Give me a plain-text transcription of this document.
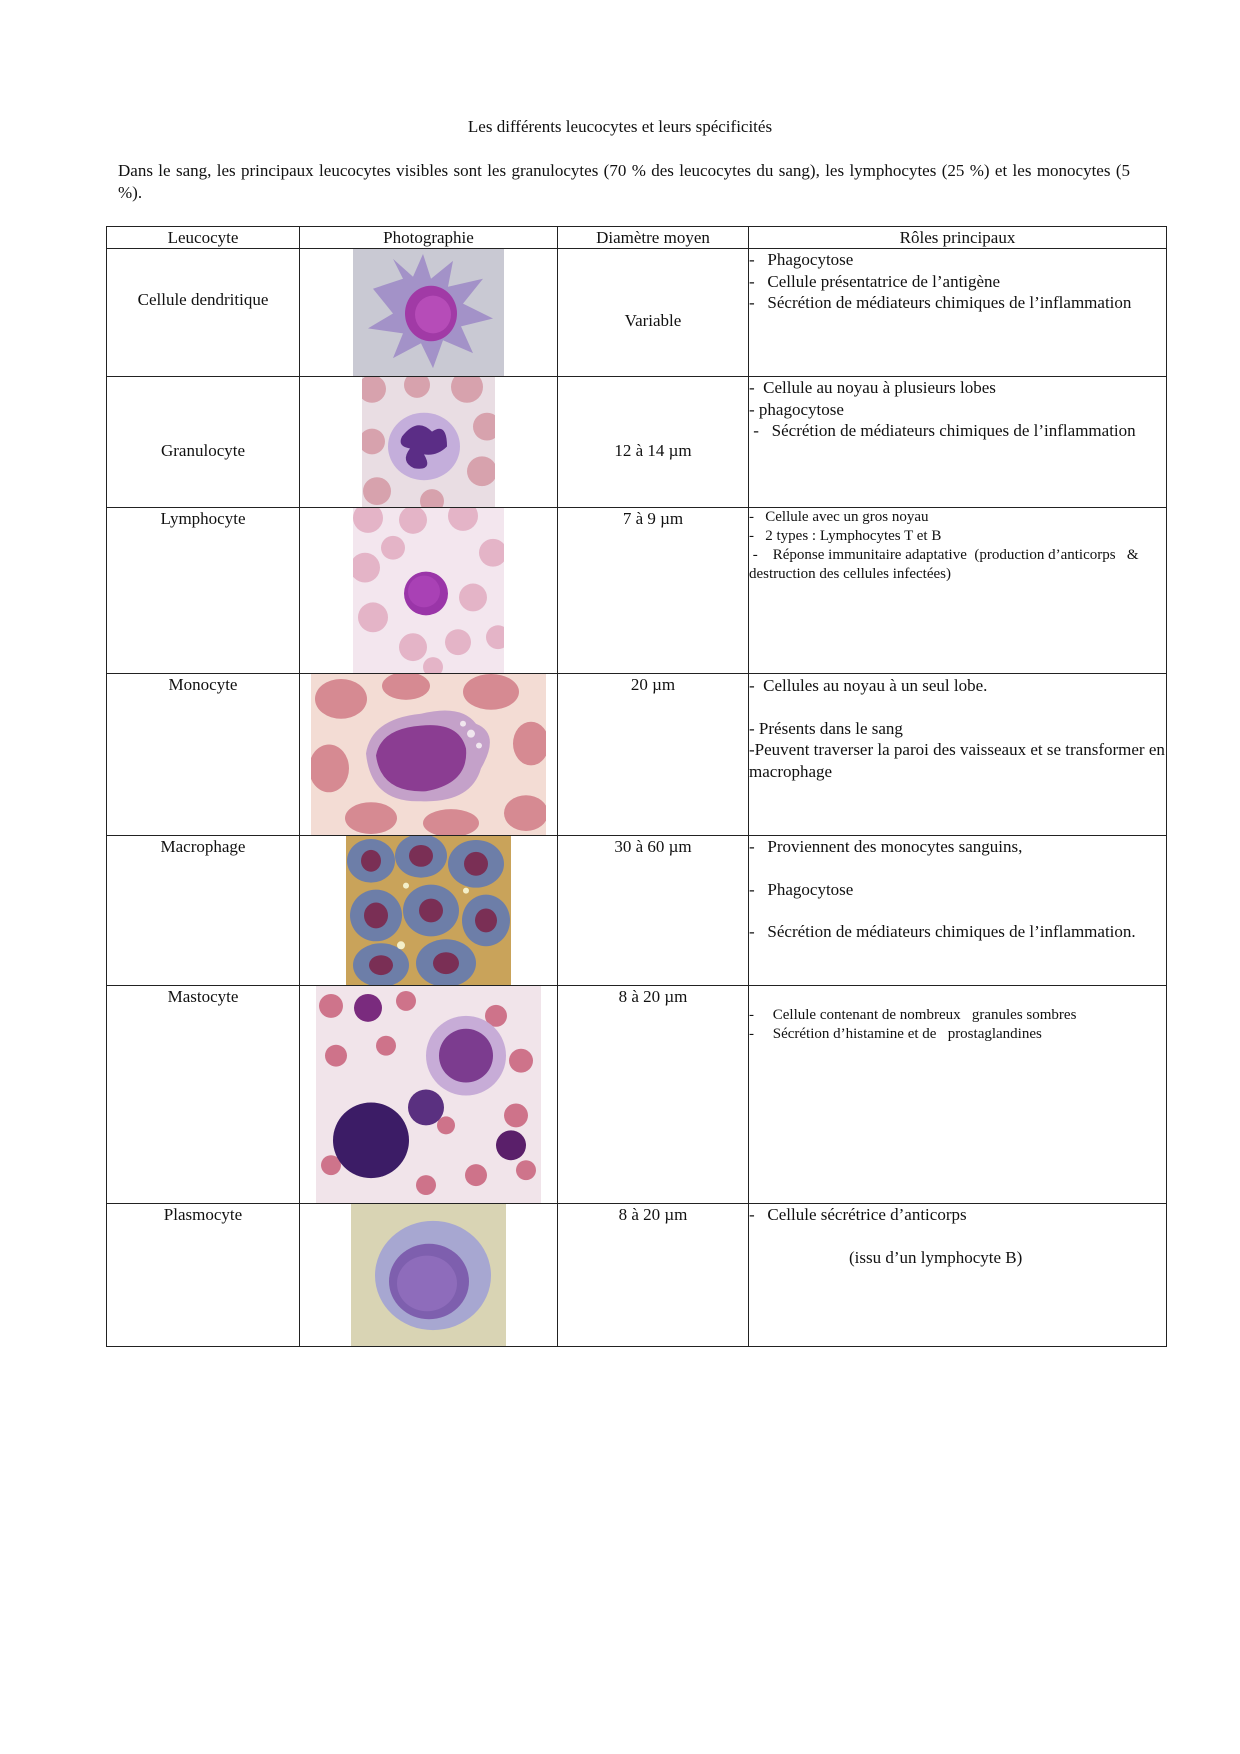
Les différents leucocytes et leurs spécificités
Dans le sang, les principaux leucocytes visibles sont les granulocytes (70 % des leucocytes du sang), les lymphocytes (25 %) et les monocytes (5 %).
Leucocyte	Photographie	Diamètre moyen	Rôles principaux

Cellule dendritique		Variable	-   Phagocytose
-   Cellule présentatrice de l’antigène
-   Sécrétion de médiateurs chimiques de l’inflammation

Granulocyte		12 à 14 µm	-  Cellule au noyau à plusieurs lobes
- phagocytose
-   Sécrétion de médiateurs chimiques de l’inflammation

Lymphocyte		7 à 9 µm	-   Cellule avec un gros noyau
-   2 types : Lymphocytes T et B
-    Réponse immunitaire adaptative  (production d’anticorps   &  destruction des cellules infectées)

Monocyte		20 µm	-  Cellules au noyau à un seul lobe.
- Présents dans le sang
-Peuvent traverser la paroi des vaisseaux et se transformer en macrophage

Macrophage		30 à 60 µm	-   Proviennent des monocytes sanguins,
-   Phagocytose
-   Sécrétion de médiateurs chimiques de l’inflammation.

Mastocyte		8 à 20 µm	-     Cellule contenant de nombreux   granules sombres
-     Sécrétion d’histamine et de   prostaglandines

Plasmocyte		8 à 20 µm	-   Cellule sécrétrice d’anticorps
(issu d’un lymphocyte B)
